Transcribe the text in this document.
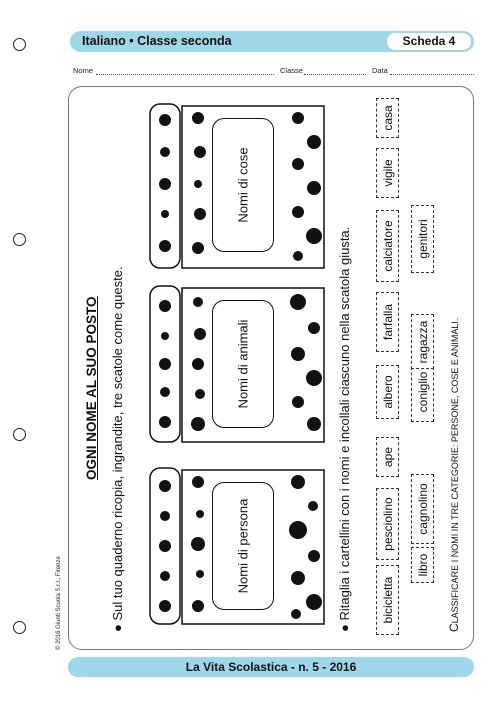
Italiano • Classe seconda	Scheda 4
Nome	Classe	Data
© 2016 Giunti Scuola S.r.l., Firenze
OGNI NOME AL SUO POSTO
● Sul tuo quaderno ricopia, ingrandite, tre scatole come queste.
● Ritaglia i cartellini con i nomi e incollali ciascuno nella scatola giusta.
CLASSIFICARE I NOMI IN TRE CATEGORIE: PERSONE, COSE E ANIMALI.
Nomi di persona
Nomi di animali
Nomi di cose
bicicletta
libro
pesciolino cagnolino
ape
albero coniglio
farfalla ragazza
calciatore genitori
vigile
casa
La Vita Scolastica - n. 5 - 2016
